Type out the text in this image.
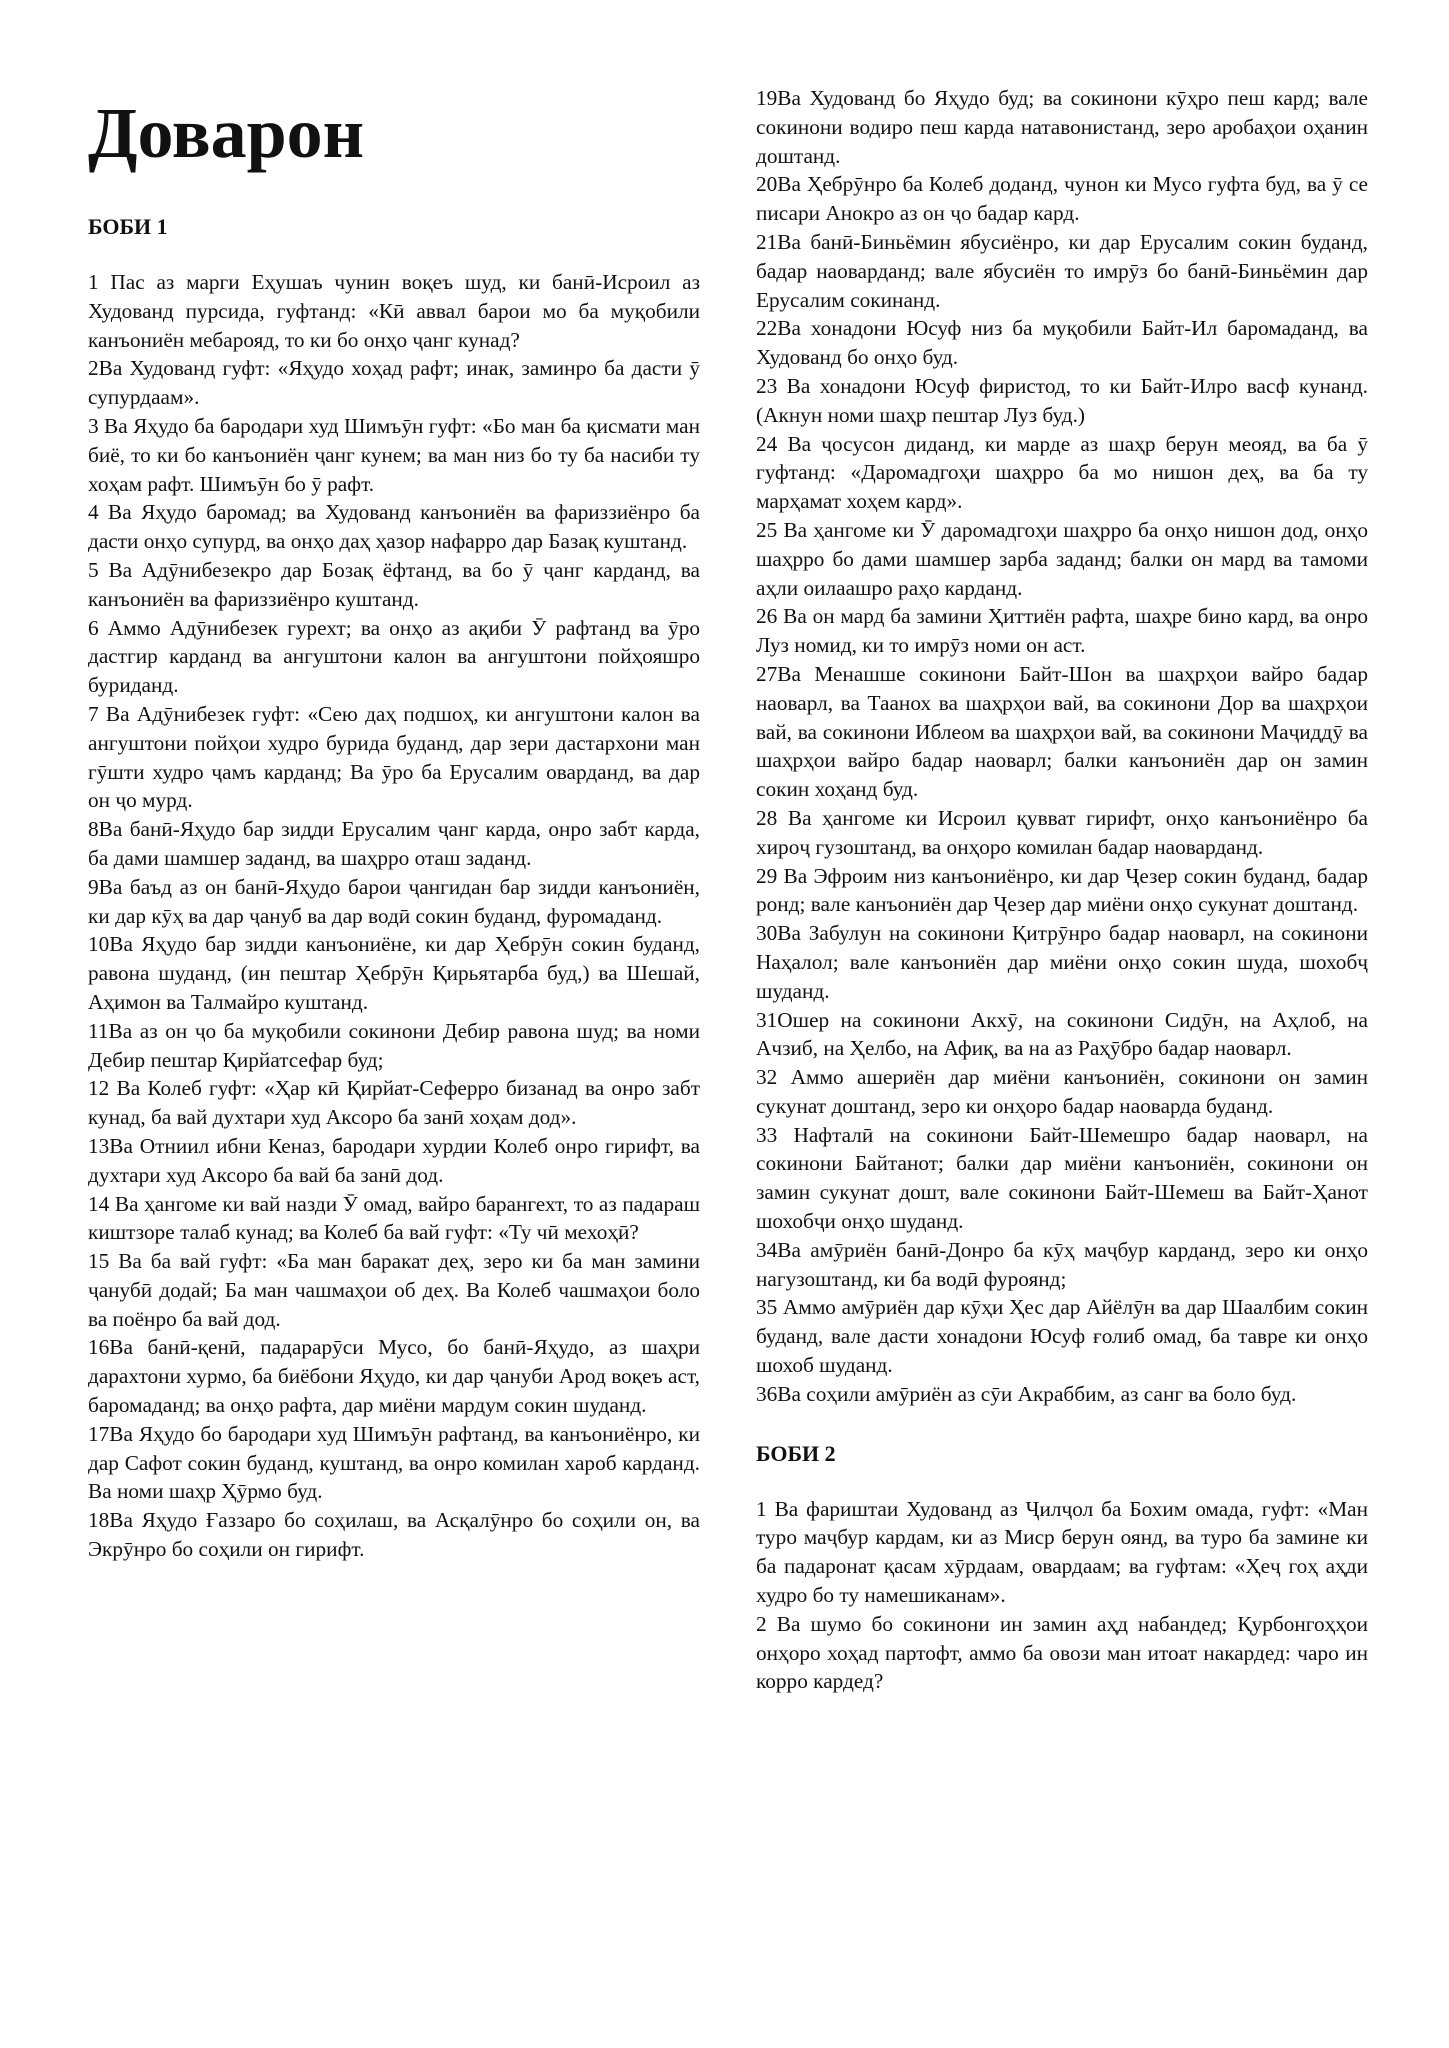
Доварон
БОБИ 1

1 Пас аз марги Еҳушаъ чунин воқеъ шуд, ки банӣ-Исроил аз Худованд пурсида, гуфтанд: «Кӣ аввал барои мо ба муқобили канъониён мебарояд, то ки бо онҳо ҷанг кунад?

2Ва Худованд гуфт: «Яҳудо хоҳад рафт; инак, заминро ба дасти ӯ супурдаам».

3 Ва Яҳудо ба бародари худ Шимъӯн гуфт: «Бо ман ба қисмати ман биё, то ки бо канъониён ҷанг кунем; ва ман низ бо ту ба насиби ту хоҳам рафт. Шимъӯн бо ӯ рафт.

4 Ва Яҳудо баромад; ва Худованд канъониён ва фариззиёнро ба дасти онҳо супурд, ва онҳо даҳ ҳазор нафарро дар Базақ куштанд.

5 Ва Адӯнибезекро дар Бозақ ёфтанд, ва бо ӯ ҷанг карданд, ва канъониён ва фариззиёнро куштанд.

6 Аммо Адӯнибезек гурехт; ва онҳо аз ақиби Ӯ рафтанд ва ӯро дастгир карданд ва ангуштони калон ва ангуштони пойҳояшро буриданд.

7 Ва Адӯнибезек гуфт: «Сею даҳ подшоҳ, ки ангуштони калон ва ангуштони пойҳои худро бурида буданд, дар зери дастархони ман гӯшти худро ҷамъ карданд; Ва ӯро ба Ерусалим оварданд, ва дар он ҷо мурд.

8Ва банӣ-Яҳудо бар зидди Ерусалим ҷанг карда, онро забт карда, ба дами шамшер заданд, ва шаҳрро оташ заданд.

9Ва баъд аз он банӣ-Яҳудо барои ҷангидан бар зидди канъониён, ки дар кӯҳ ва дар ҷануб ва дар водӣ сокин буданд, фуромаданд.

10Ва Яҳудо бар зидди канъониёне, ки дар Ҳебрӯн сокин буданд, равона шуданд, (ин пештар Ҳебрӯн Қирьятарба буд,) ва Шешай, Аҳимон ва Талмайро куштанд.

11Ва аз он ҷо ба муқобили сокинони Дебир равона шуд; ва номи Дебир пештар Қирйатсефар буд;

12 Ва Колеб гуфт: «Ҳар кӣ Қирйат-Сеферро бизанад ва онро забт кунад, ба вай духтари худ Аксоро ба занӣ хоҳам дод».

13Ва Отниил ибни Кеназ, бародари хурдии Колеб онро гирифт, ва духтари худ Аксоро ба вай ба занӣ дод.

14 Ва ҳангоме ки вай назди Ӯ омад, вайро барангехт, то аз падараш киштзоре талаб кунад; ва Колеб ба вай гуфт: «Ту чӣ мехоҳӣ?

15 Ва ба вай гуфт: «Ба ман баракат деҳ, зеро ки ба ман замини ҷанубӣ додай; Ба ман чашмаҳои об деҳ. Ва Колеб чашмаҳои боло ва поёнро ба вай дод.

16Ва банӣ-қенӣ, падарарӯси Мусо, бо банӣ-Яҳудо, аз шаҳри дарахтони хурмо, ба биёбони Яҳудо, ки дар ҷануби Арод воқеъ аст, баромаданд; ва онҳо рафта, дар миёни мардум сокин шуданд.

17Ва Яҳудо бо бародари худ Шимъӯн рафтанд, ва канъониёнро, ки дар Сафот сокин буданд, куштанд, ва онро комилан хароб карданд. Ва номи шаҳр Ҳӯрмо буд.

18Ва Яҳудо Ғаззаро бо соҳилаш, ва Асқалӯнро бо соҳили он, ва Экрӯнро бо соҳили он гирифт.

19Ва Худованд бо Яҳудо буд; ва сокинони кӯҳро пеш кард; вале сокинони водиро пеш карда натавонистанд, зеро аробаҳои оҳанин доштанд.

20Ва Ҳебрӯнро ба Колеб доданд, чунон ки Мусо гуфта буд, ва ӯ се писари Анокро аз он ҷо бадар кард.

21Ва банӣ-Биньёмин ябусиёнро, ки дар Ерусалим сокин буданд, бадар наоварданд; вале ябусиён то имрӯз бо банӣ-Биньёмин дар Ерусалим сокинанд.

22Ва хонадони Юсуф низ ба муқобили Байт-Ил баромаданд, ва Худованд бо онҳо буд.

23 Ва хонадони Юсуф фиристод, то ки Байт-Илро васф кунанд. (Акнун номи шаҳр пештар Луз буд.)

24 Ва ҷосусон диданд, ки марде аз шаҳр берун меояд, ва ба ӯ гуфтанд: «Даромадгоҳи шаҳрро ба мо нишон деҳ, ва ба ту марҳамат хоҳем кард».

25 Ва ҳангоме ки Ӯ даромадгоҳи шаҳрро ба онҳо нишон дод, онҳо шаҳрро бо дами шамшер зарба заданд; балки он мард ва тамоми аҳли оилаашро раҳо карданд.

26 Ва он мард ба замини Ҳиттиён рафта, шаҳре бино кард, ва онро Луз номид, ки то имрӯз номи он аст.

27Ва Менашше сокинони Байт-Шон ва шаҳрҳои вайро бадар наоварл, ва Таанох ва шаҳрҳои вай, ва сокинони Дор ва шаҳрҳои вай, ва сокинони Иблеом ва шаҳрҳои вай, ва сокинони Маҷиддӯ ва шаҳрҳои вайро бадар наоварл; балки канъониён дар он замин сокин хоҳанд буд.

28 Ва ҳангоме ки Исроил қувват гирифт, онҳо канъониёнро ба хироҷ гузоштанд, ва онҳоро комилан бадар наоварданд.

29 Ва Эфроим низ канъониёнро, ки дар Ҷезер сокин буданд, бадар ронд; вале канъониён дар Ҷезер дар миёни онҳо сукунат доштанд.

30Ва Забулун на сокинони Қитрӯнро бадар наоварл, на сокинони Наҳалол; вале канъониён дар миёни онҳо сокин шуда, шохобҷ шуданд.

31Ошер на сокинони Акхӯ, на сокинони Сидӯн, на Аҳлоб, на Ачзиб, на Ҳелбо, на Афиқ, ва на аз Раҳӯбро бадар наоварл.

32 Аммо ашериён дар миёни канъониён, сокинони он замин сукунат доштанд, зеро ки онҳоро бадар наоварда буданд.

33 Нафталӣ на сокинони Байт-Шемешро бадар наоварл, на сокинони Байтанот; балки дар миёни канъониён, сокинони он замин сукунат дошт, вале сокинони Байт-Шемеш ва Байт-Ҳанот шохобҷи онҳо шуданд.

34Ва амӯриён банӣ-Донро ба кӯҳ маҷбур карданд, зеро ки онҳо нагузоштанд, ки ба водӣ фуроянд;

35 Аммо амӯриён дар кӯҳи Ҳес дар Айёлӯн ва дар Шаалбим сокин буданд, вале дасти хонадони Юсуф ғолиб омад, ба тавре ки онҳо шохоб шуданд.

36Ва соҳили амӯриён аз сӯи Акраббим, аз санг ва боло буд.

БОБИ 2

1 Ва фариштаи Худованд аз Ҷилҷол ба Бохим омада, гуфт: «Ман туро маҷбур кардам, ки аз Миср берун оянд, ва туро ба замине ки ба падаронат қасам хӯрдаам, овардаам; ва гуфтам: «Ҳеҷ гоҳ аҳди худро бо ту намешиканам».

2 Ва шумо бо сокинони ин замин аҳд набандед; Қурбонгоҳҳои онҳоро хоҳад партофт, аммо ба овози ман итоат накардед: чаро ин корро кардед?
